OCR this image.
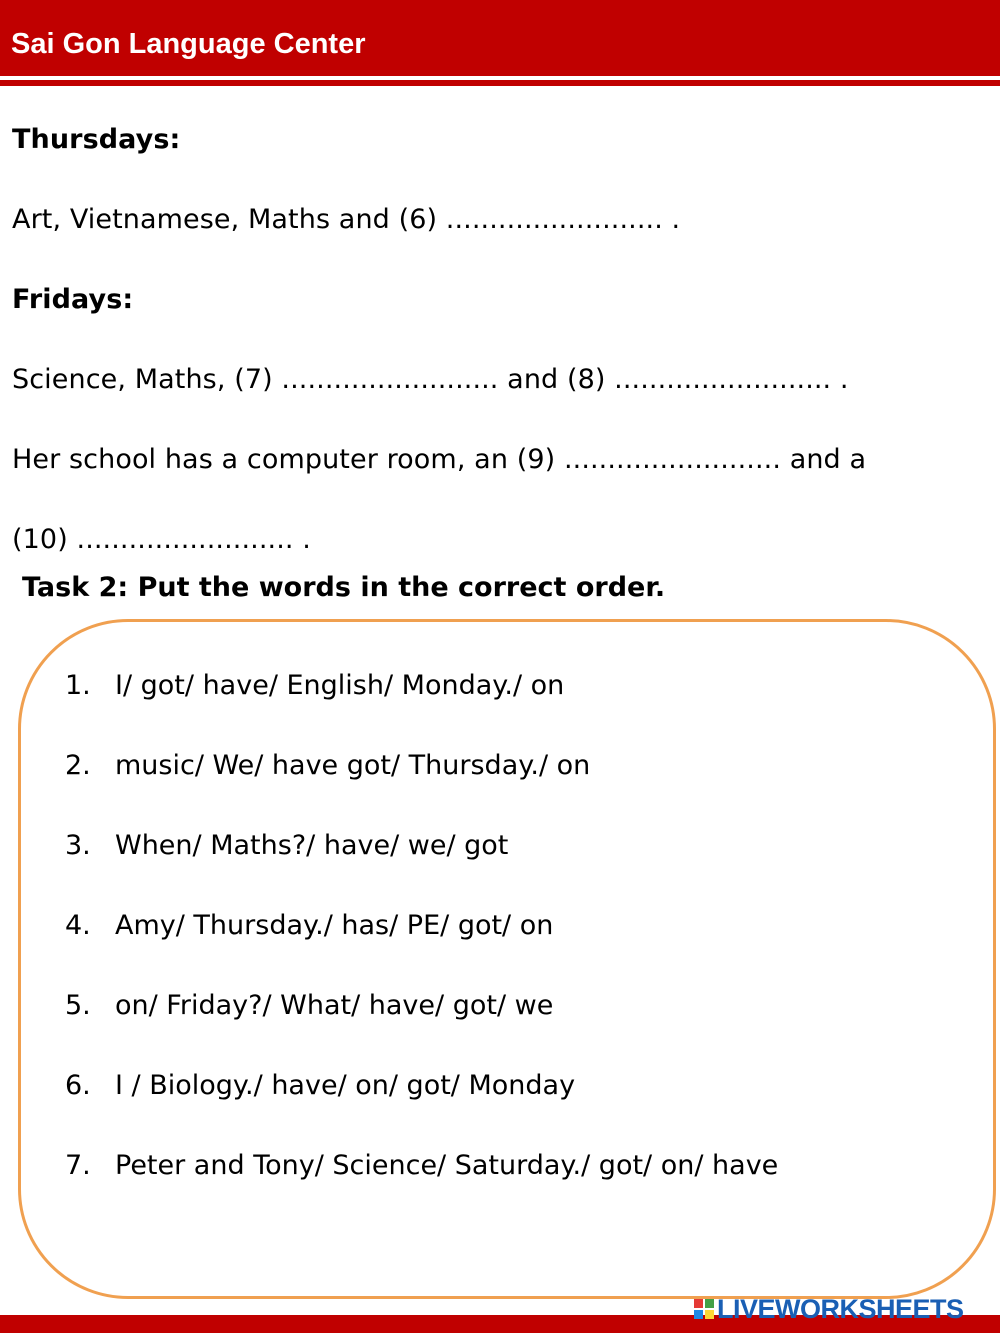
Sai Gon Language Center
Thursdays:
Art, Vietnamese, Maths and (6) ......................... .
Fridays:
Science, Maths, (7) ......................... and (8) ......................... .
Her school has a computer room, an (9) ......................... and a
(10) ......................... .
Task 2: Put the words in the correct order.
1. I/ got/ have/ English/ Monday./ on
2. music/ We/ have got/ Thursday./ on
3. When/ Maths?/ have/ we/ got
4. Amy/ Thursday./ has/ PE/ got/ on
5. on/ Friday?/ What/ have/ got/ we
6. I / Biology./ have/ on/ got/ Monday
7. Peter and Tony/ Science/ Saturday./ got/ on/ have
LIVEWORKSHEETS
